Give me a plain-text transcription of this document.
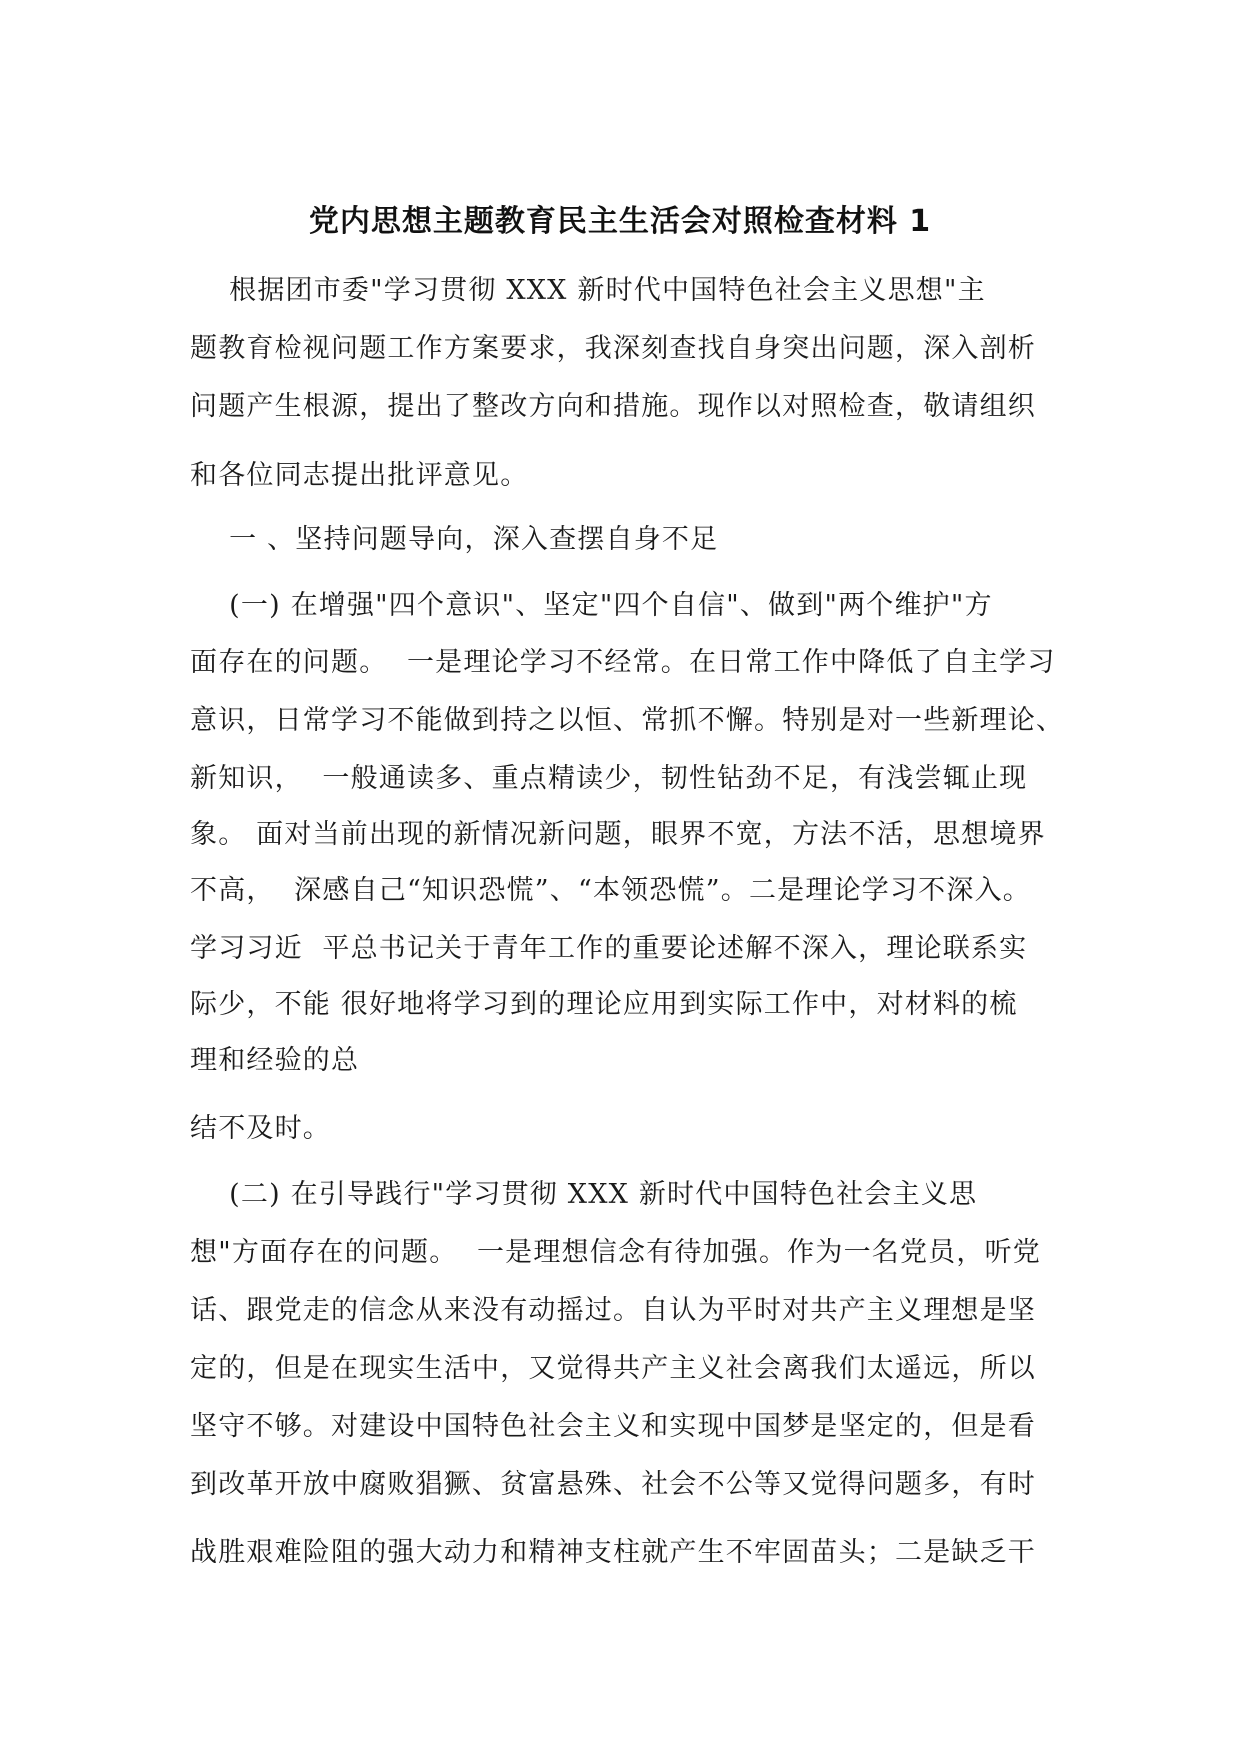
党内思想主题教育民主生活会对照检查材料 1
根据团市委"学习贯彻 XXX 新时代中国特色社会主义思想"主
题教育检视问题工作方案要求，我深刻查找自身突出问题，深入剖析
问题产生根源，提出了整改方向和措施。现作以对照检查，敬请组织
和各位同志提出批评意见。
一 、坚持问题导向，深入查摆自身不足
(一) 在增强"四个意识"、坚定"四个自信"、做到"两个维护"方
面存在的问题。  一是理论学习不经常。在日常工作中降低了自主学习
意识，日常学习不能做到持之以恒、常抓不懈。特别是对一些新理论、
新知识，  一般通读多、重点精读少，韧性钻劲不足，有浅尝辄止现
象。 面对当前出现的新情况新问题，眼界不宽，方法不活，思想境界
不高，  深感自己“知识恐慌”、“本领恐慌”。二是理论学习不深入。
学习习近  平总书记关于青年工作的重要论述解不深入，理论联系实
际少，不能 很好地将学习到的理论应用到实际工作中，对材料的梳
理和经验的总
结不及时。
(二) 在引导践行"学习贯彻 XXX 新时代中国特色社会主义思
想"方面存在的问题。  一是理想信念有待加强。作为一名党员，听党
话、跟党走的信念从来没有动摇过。自认为平时对共产主义理想是坚
定的，但是在现实生活中，又觉得共产主义社会离我们太遥远，所以
坚守不够。对建设中国特色社会主义和实现中国梦是坚定的，但是看
到改革开放中腐败猖獗、贫富悬殊、社会不公等又觉得问题多，有时
战胜艰难险阻的强大动力和精神支柱就产生不牢固苗头；二是缺乏干
